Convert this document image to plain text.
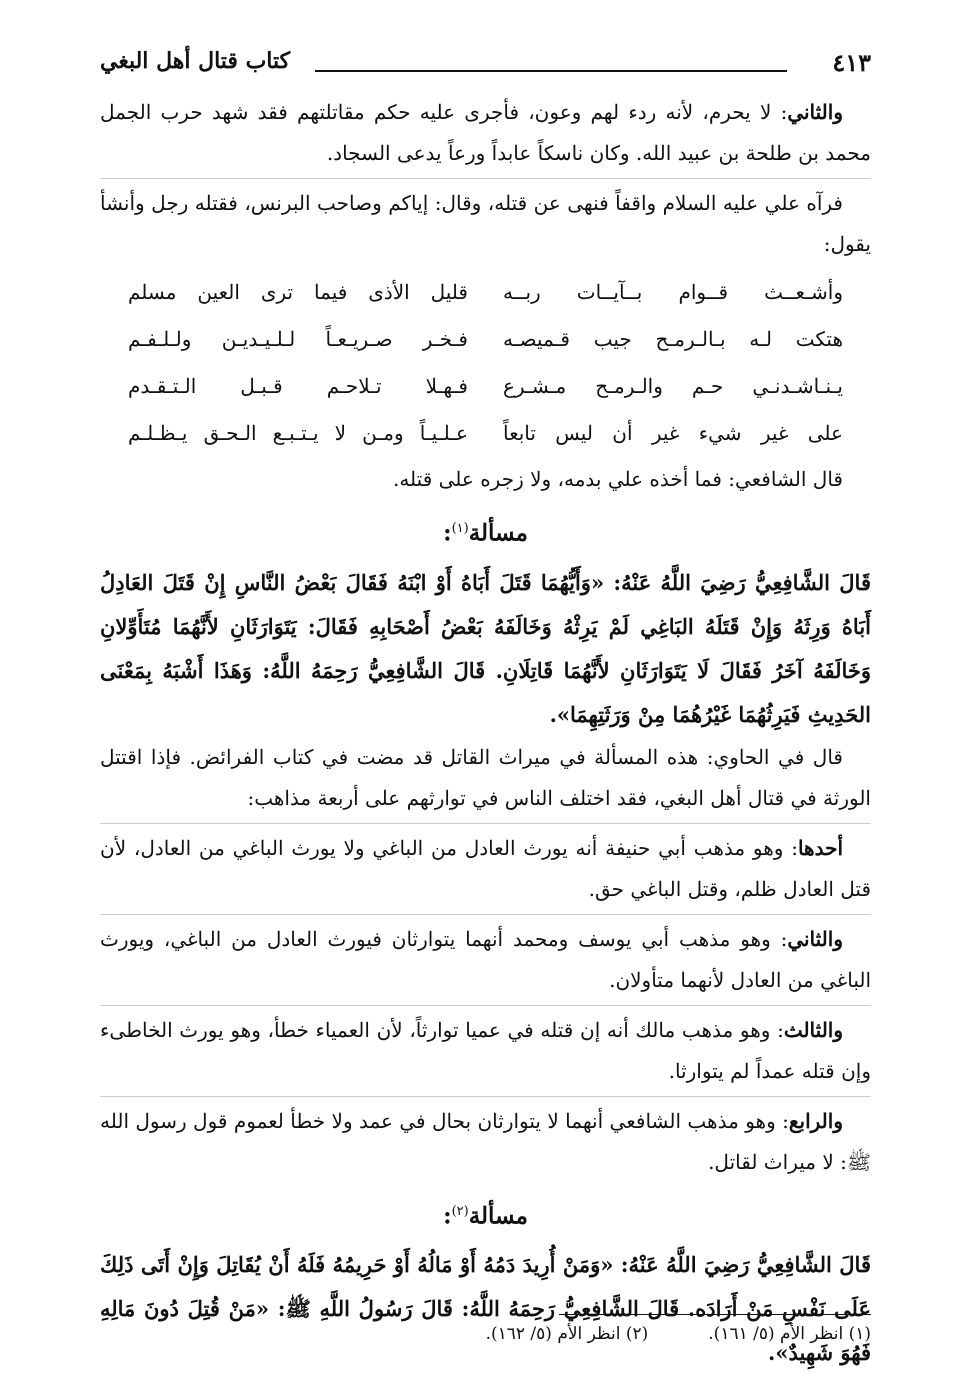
٤١٣
كتاب قتال أهل البغي

والثاني: لا يحرم، لأنه ردء لهم وعون، فأجرى عليه حكم مقاتلتهم فقد شهد حرب الجمل محمد بن طلحة بن عبيد الله. وكان ناسكاً عابداً ورعاً يدعى السجاد.

فرآه علي عليه السلام واقفاً فنهى عن قتله، وقال: إياكم وصاحب البرنس، فقتله رجل وأنشأ يقول:

وأشـعــث قــوام بــآيــات ربــه
قليل الأذى فيما ترى العين مسلم
هتكت لـه بـالـرمـح جيب قـميصـه
فـخـر صـريـعـاً لـلـيـديـن ولـلـفـم
يـنـاشـدنـي حـم والـرمـح مـشـرع
فـهـلا تـلاحـم قـبـل الـتـقـدم
على غير شيء غير أن ليس تابعاً
عـلـيـاً ومـن لا يـتـبـع الـحـق يـظـلـم

قال الشافعي: فما أخذه علي بدمه، ولا زجره على قتله.

مسألة$^{(١)}$:

قَالَ الشَّافِعِيُّ رَضِيَ اللَّهُ عَنْهُ: «وَأَيُّهُمَا قَتَلَ أَبَاهُ أَوْ ابْنَهُ فَقَالَ بَعْضُ النَّاسِ إِنْ قَتَلَ العَادِلُ أَبَاهُ وَرِثَهُ وَإِنْ قَتَلَهُ البَاغِي لَمْ يَرِثْهُ وَخَالَفَهُ بَعْضُ أَصْحَابِهِ فَقَالَ: يَتَوَارَثَانِ لأَنَّهُمَا مُتَأَوِّلانِ وَخَالَفَهُ آخَرُ فَقَالَ لَا يَتَوَارَثَانِ لأَنَّهُمَا قَاتِلَانِ. قَالَ الشَّافِعِيُّ رَحِمَهُ اللَّهُ: وَهَذَا أَشْبَهُ بِمَعْنَى الحَدِيثِ فَيَرِثُهُمَا غَيْرُهُمَا مِنْ وَرَثَتِهِمَا».

قال في الحاوي: هذه المسألة في ميراث القاتل قد مضت في كتاب الفرائض. فإذا اقتتل الورثة في قتال أهل البغي، فقد اختلف الناس في توارثهم على أربعة مذاهب:

أحدها: وهو مذهب أبي حنيفة أنه يورث العادل من الباغي ولا يورث الباغي من العادل، لأن قتل العادل ظلم، وقتل الباغي حق.

والثاني: وهو مذهب أبي يوسف ومحمد أنهما يتوارثان فيورث العادل من الباغي، ويورث الباغي من العادل لأنهما متأولان.

والثالث: وهو مذهب مالك أنه إن قتله في عميا توارثاً، لأن العمياء خطأ، وهو يورث الخاطىء وإن قتله عمداً لم يتوارثا.

والرابع: وهو مذهب الشافعي أنهما لا يتوارثان بحال في عمد ولا خطأ لعموم قول رسول الله ﷺ: لا ميراث لقاتل.

مسألة$^{(٢)}$:

قَالَ الشَّافِعِيُّ رَضِيَ اللَّهُ عَنْهُ: «وَمَنْ أُرِيدَ دَمُهُ أَوْ مَالُهُ أَوْ حَرِيمُهُ فَلَهُ أَنْ يُقَاتِلَ وَإِنْ أَتَى ذَلِكَ عَلَى نَفْسِ مَنْ أَرَادَه. قَالَ الشَّافِعِيُّ رَحِمَهُ اللَّهُ: قَالَ رَسُولُ اللَّهِ ﷺ: «مَنْ قُتِلَ دُونَ مَالِهِ فَهُوَ شَهِيدٌ».

(١) انظر الأم (٥/ ١٦١).
(٢) انظر الأم (٥/ ١٦٢).
